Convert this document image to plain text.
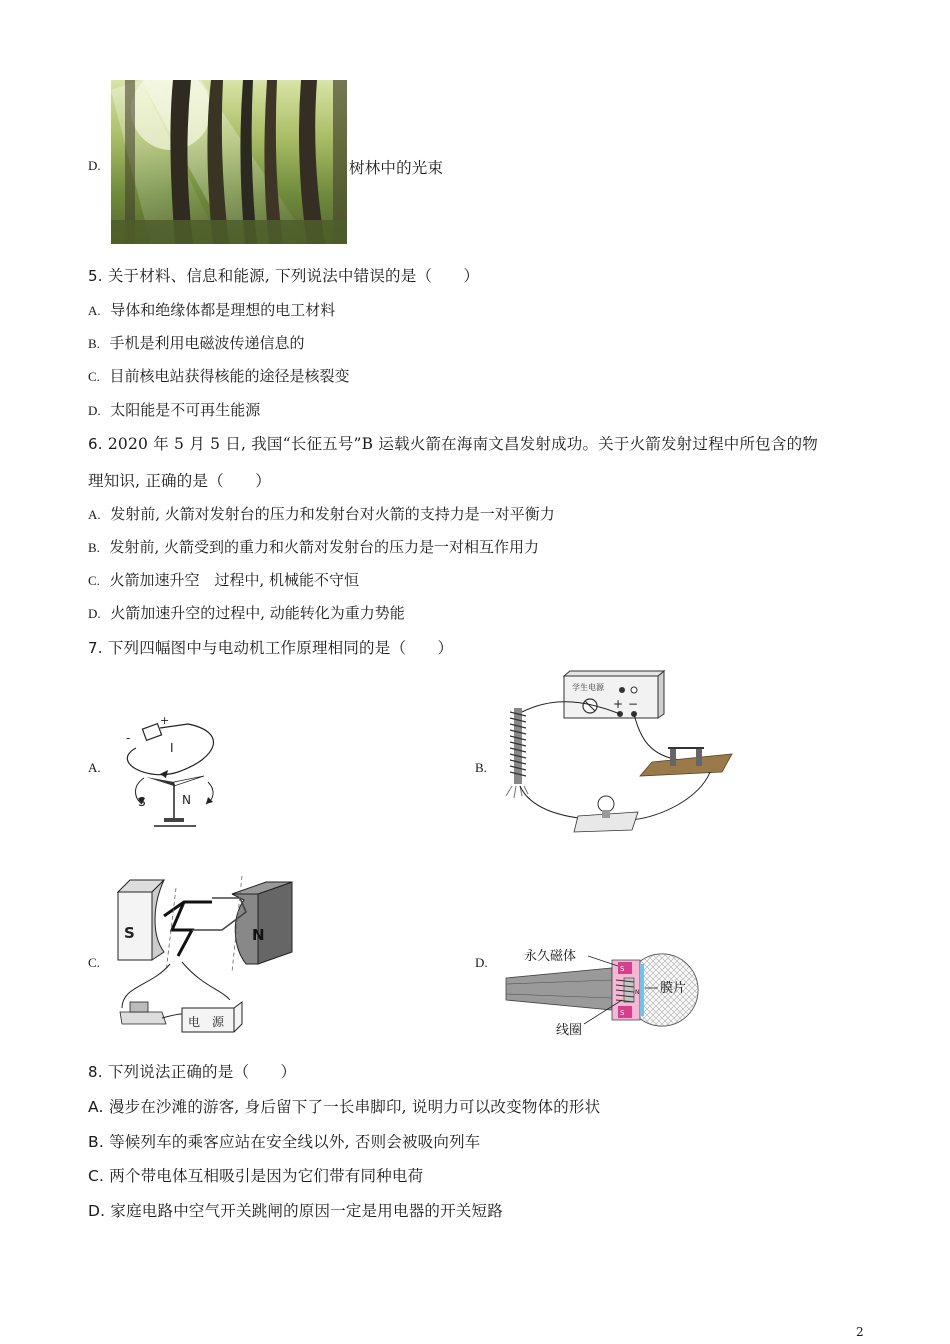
D.	树林中的光束
5. 关于材料、信息和能源, 下列说法中错误的是（　　）
A. 导体和绝缘体都是理想的电工材料
B. 手机是利用电磁波传递信息的
C. 目前核电站获得核能的途径是核裂变
D. 太阳能是不可再生能源
6. 2020 年 5 月 5 日, 我国“长征五号”B 运载火箭在海南文昌发射成功。关于火箭发射过程中所包含的物
理知识, 正确的是（　　）
A. 发射前, 火箭对发射台的压力和发射台对火箭的支持力是一对平衡力
B. 发射前, 火箭受到的重力和火箭对发射台的压力是一对相互作用力
C. 火箭加速升空　过程中, 机械能不守恒
D. 火箭加速升空的过程中, 动能转化为重力势能
7. 下列四幅图中与电动机工作原理相同的是（　　）
A.
-
+
I
S	N
B.
学生电源
+ −
C.
S	N
电　源
D.	S
S
N
永久磁体
线圈
膜片
8. 下列说法正确的是（　　）
A. 漫步在沙滩的游客, 身后留下了一长串脚印, 说明力可以改变物体的形状
B. 等候列车的乘客应站在安全线以外, 否则会被吸向列车
C. 两个带电体互相吸引是因为它们带有同种电荷
D. 家庭电路中空气开关跳闸的原因一定是用电器的开关短路
2
